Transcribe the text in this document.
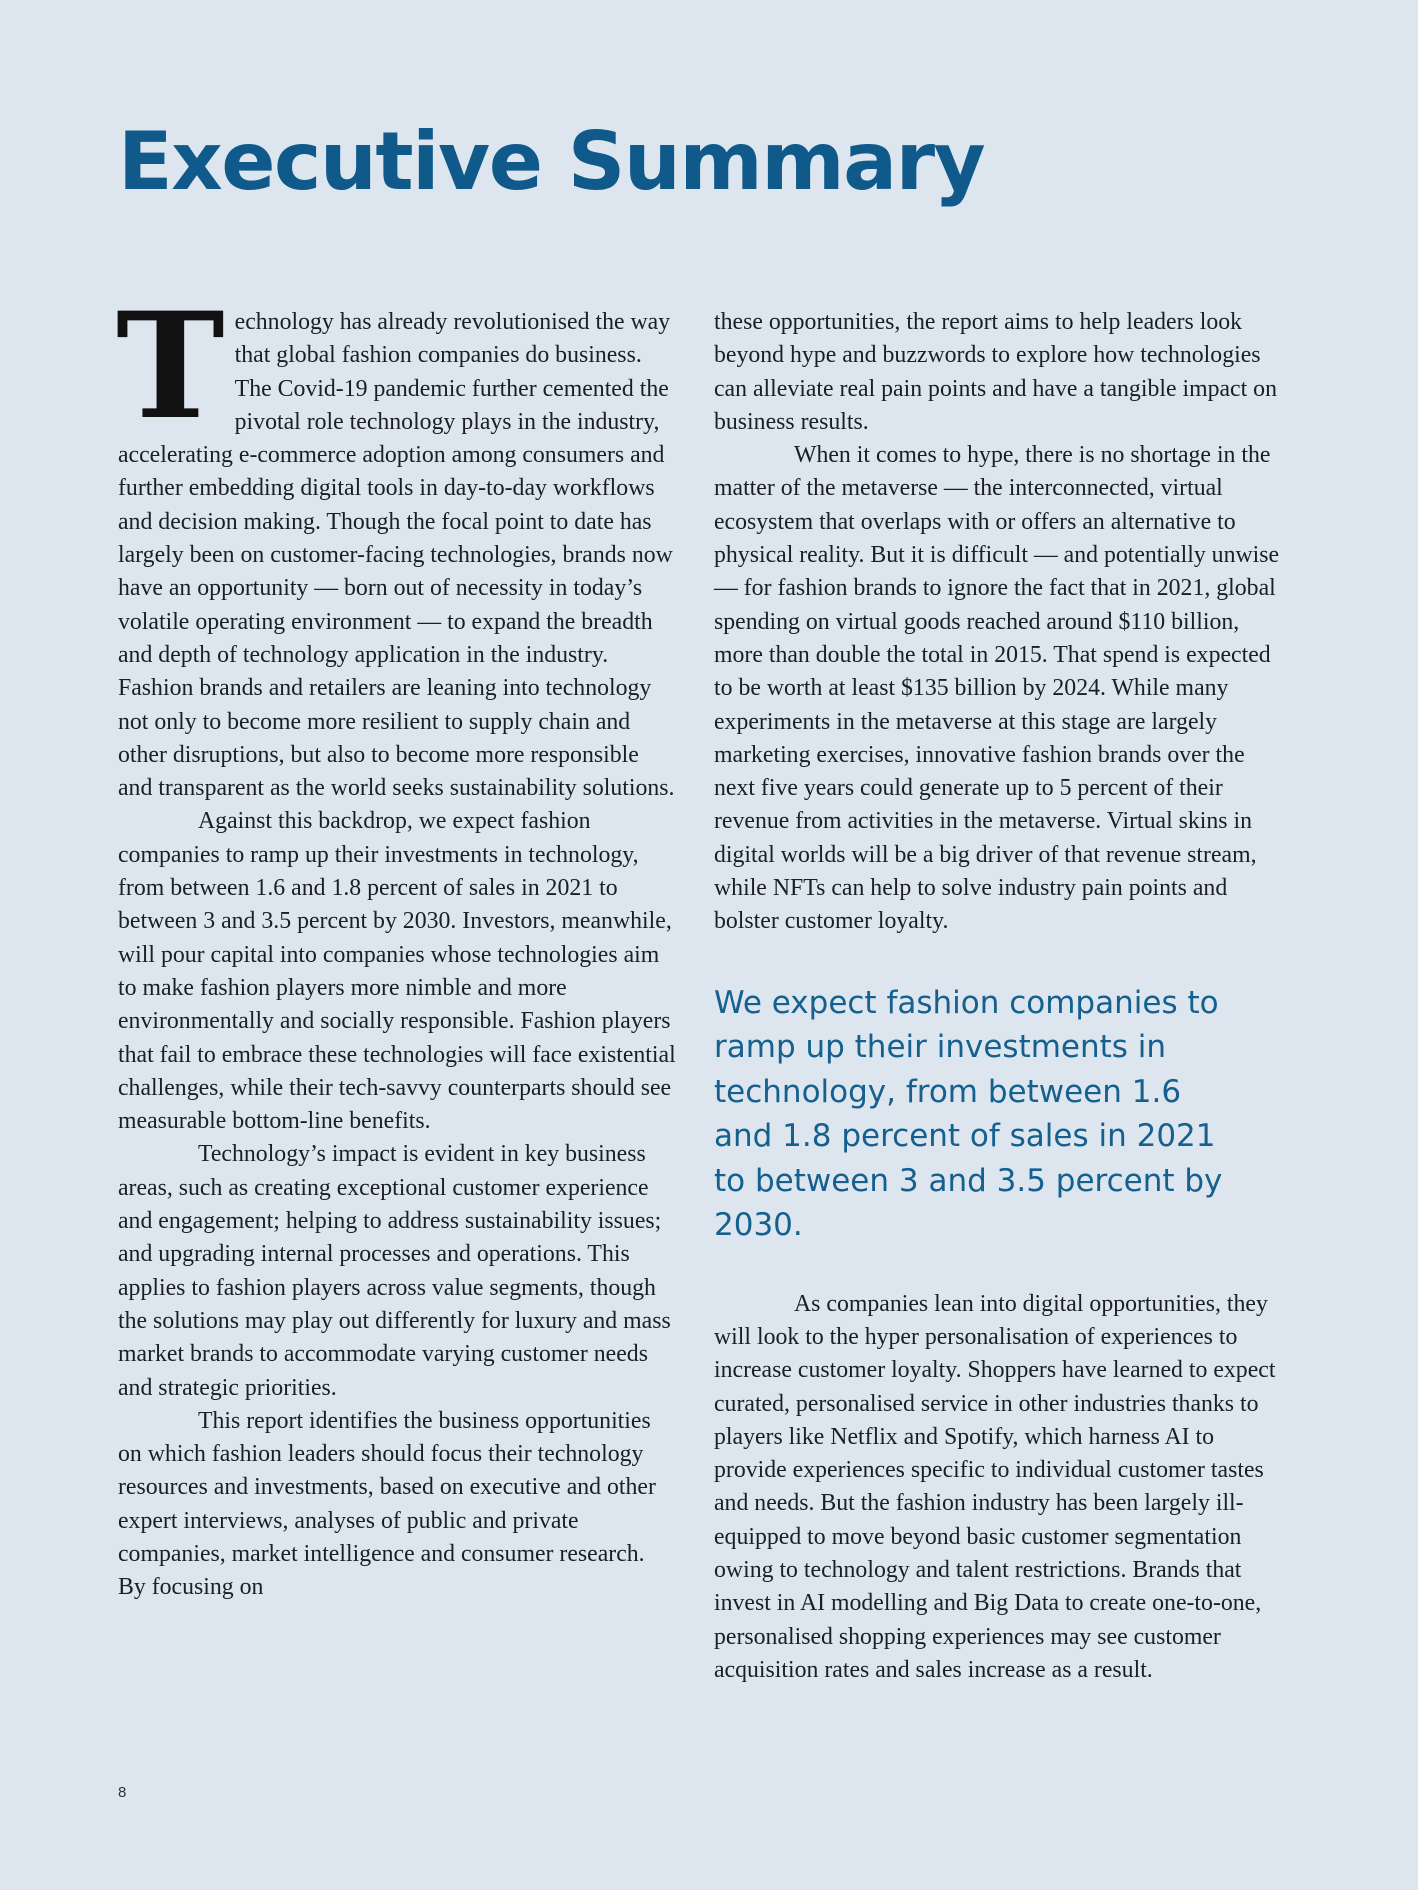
Executive Summary

Technology has already revolutionised the way that global fashion companies do business. The Covid-19 pandemic further cemented the pivotal role technology plays in the industry, accelerating e-commerce adoption among consumers and further embedding digital tools in day-to-day workflows and decision making. Though the focal point to date has largely been on customer-facing technologies, brands now have an opportunity — born out of necessity in today’s volatile operating environment — to expand the breadth and depth of technology application in the industry. Fashion brands and retailers are leaning into technology not only to become more resilient to supply chain and other disruptions, but also to become more responsible and transparent as the world seeks sustainability solutions.

Against this backdrop, we expect fashion companies to ramp up their investments in technology, from between 1.6 and 1.8 percent of sales in 2021 to between 3 and 3.5 percent by 2030. Investors, meanwhile, will pour capital into companies whose technologies aim to make fashion players more nimble and more environmentally and socially responsible. Fashion players that fail to embrace these technologies will face existential challenges, while their tech-savvy counterparts should see measurable bottom-line benefits.

Technology’s impact is evident in key business areas, such as creating exceptional customer experience and engagement; helping to address sustainability issues; and upgrading internal processes and operations. This applies to fashion players across value segments, though the solutions may play out differently for luxury and mass market brands to accommodate varying customer needs and strategic priorities.

This report identifies the business opportunities on which fashion leaders should focus their technology resources and investments, based on executive and other expert interviews, analyses of public and private companies, market intelligence and consumer research. By focusing on

these opportunities, the report aims to help leaders look beyond hype and buzzwords to explore how technologies can alleviate real pain points and have a tangible impact on business results.

When it comes to hype, there is no shortage in the matter of the metaverse — the interconnected, virtual ecosystem that overlaps with or offers an alternative to physical reality. But it is difficult — and potentially unwise — for fashion brands to ignore the fact that in 2021, global spending on virtual goods reached around $110 billion, more than double the total in 2015. That spend is expected to be worth at least $135 billion by 2024. While many experiments in the metaverse at this stage are largely marketing exercises, innovative fashion brands over the next five years could generate up to 5 percent of their revenue from activities in the metaverse. Virtual skins in digital worlds will be a big driver of that revenue stream, while NFTs can help to solve industry pain points and bolster customer loyalty.

We expect fashion companies to ramp up their investments in technology, from between 1.6 and 1.8 percent of sales in 2021 to between 3 and 3.5 percent by 2030.

As companies lean into digital opportunities, they will look to the hyper personalisation of experiences to increase customer loyalty. Shoppers have learned to expect curated, personalised service in other industries thanks to players like Netflix and Spotify, which harness AI to provide experiences specific to individual customer tastes and needs. But the fashion industry has been largely ill-equipped to move beyond basic customer segmentation owing to technology and talent restrictions. Brands that invest in AI modelling and Big Data to create one-to-one, personalised shopping experiences may see customer acquisition rates and sales increase as a result.

8
